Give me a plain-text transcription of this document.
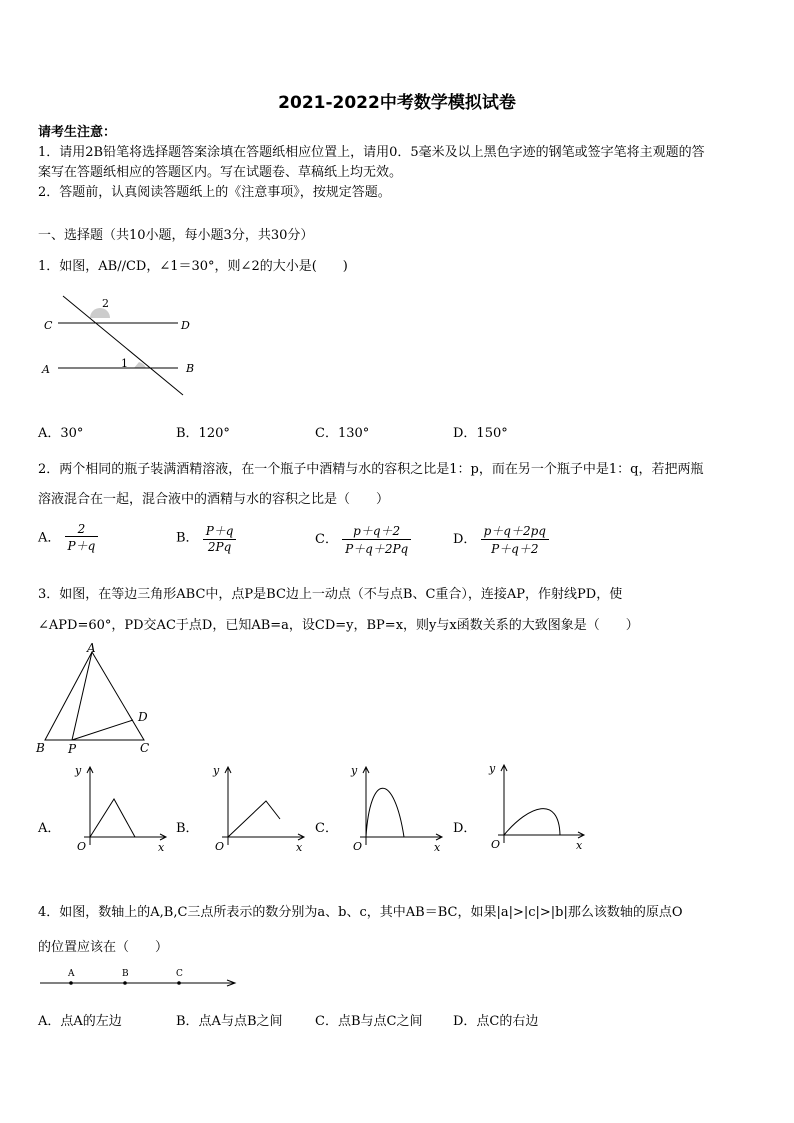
2021-2022中考数学模拟试卷
请考生注意：
1．请用2B铅笔将选择题答案涂填在答题纸相应位置上，请用0．5毫米及以上黑色字迹的钢笔或签字笔将主观题的答
案写在答题纸相应的答题区内。写在试题卷、草稿纸上均无效。
2．答题前，认真阅读答题纸上的《注意事项》，按规定答题。
一、选择题（共10小题，每小题3分，共30分）
1．如图，AB//CD，∠1＝30°，则∠2的大小是(　　)
C	D
A	B
1
2
A．30°	B．120°	C．130°	D．150°
2．两个相同的瓶子装满酒精溶液，在一个瓶子中酒精与水的容积之比是1：p，而在另一个瓶子中是1：q，若把两瓶
溶液混合在一起，混合液中的酒精与水的容积之比是（　　）
A． $\frac{2}{P+q}$	B． $\frac{P+q}{2Pq}$	C． $\frac{p+q+2}{P+q+2Pq}$	D． $\frac{p+q+2pq}{P+q+2}$
3．如图，在等边三角形ABC中，点P是BC边上一动点（不与点B、C重合），连接AP，作射线PD，使
∠APD=60°，PD交AC于点D，已知AB=a，设CD=y，BP=x，则y与x函数关系的大致图象是（　　）
A
B P	C
D
A．	B．	C．	D．
y
x
O
y
x
O
y
x
O
y
x
O
4．如图，数轴上的A,B,C三点所表示的数分别为a、b、c，其中AB＝BC，如果|a|>|c|>|b|那么该数轴的原点O
的位置应该在（　　）
A	B	C
A．点A的左边	B．点A与点B之间	C．点B与点C之间 D．点C的右边
